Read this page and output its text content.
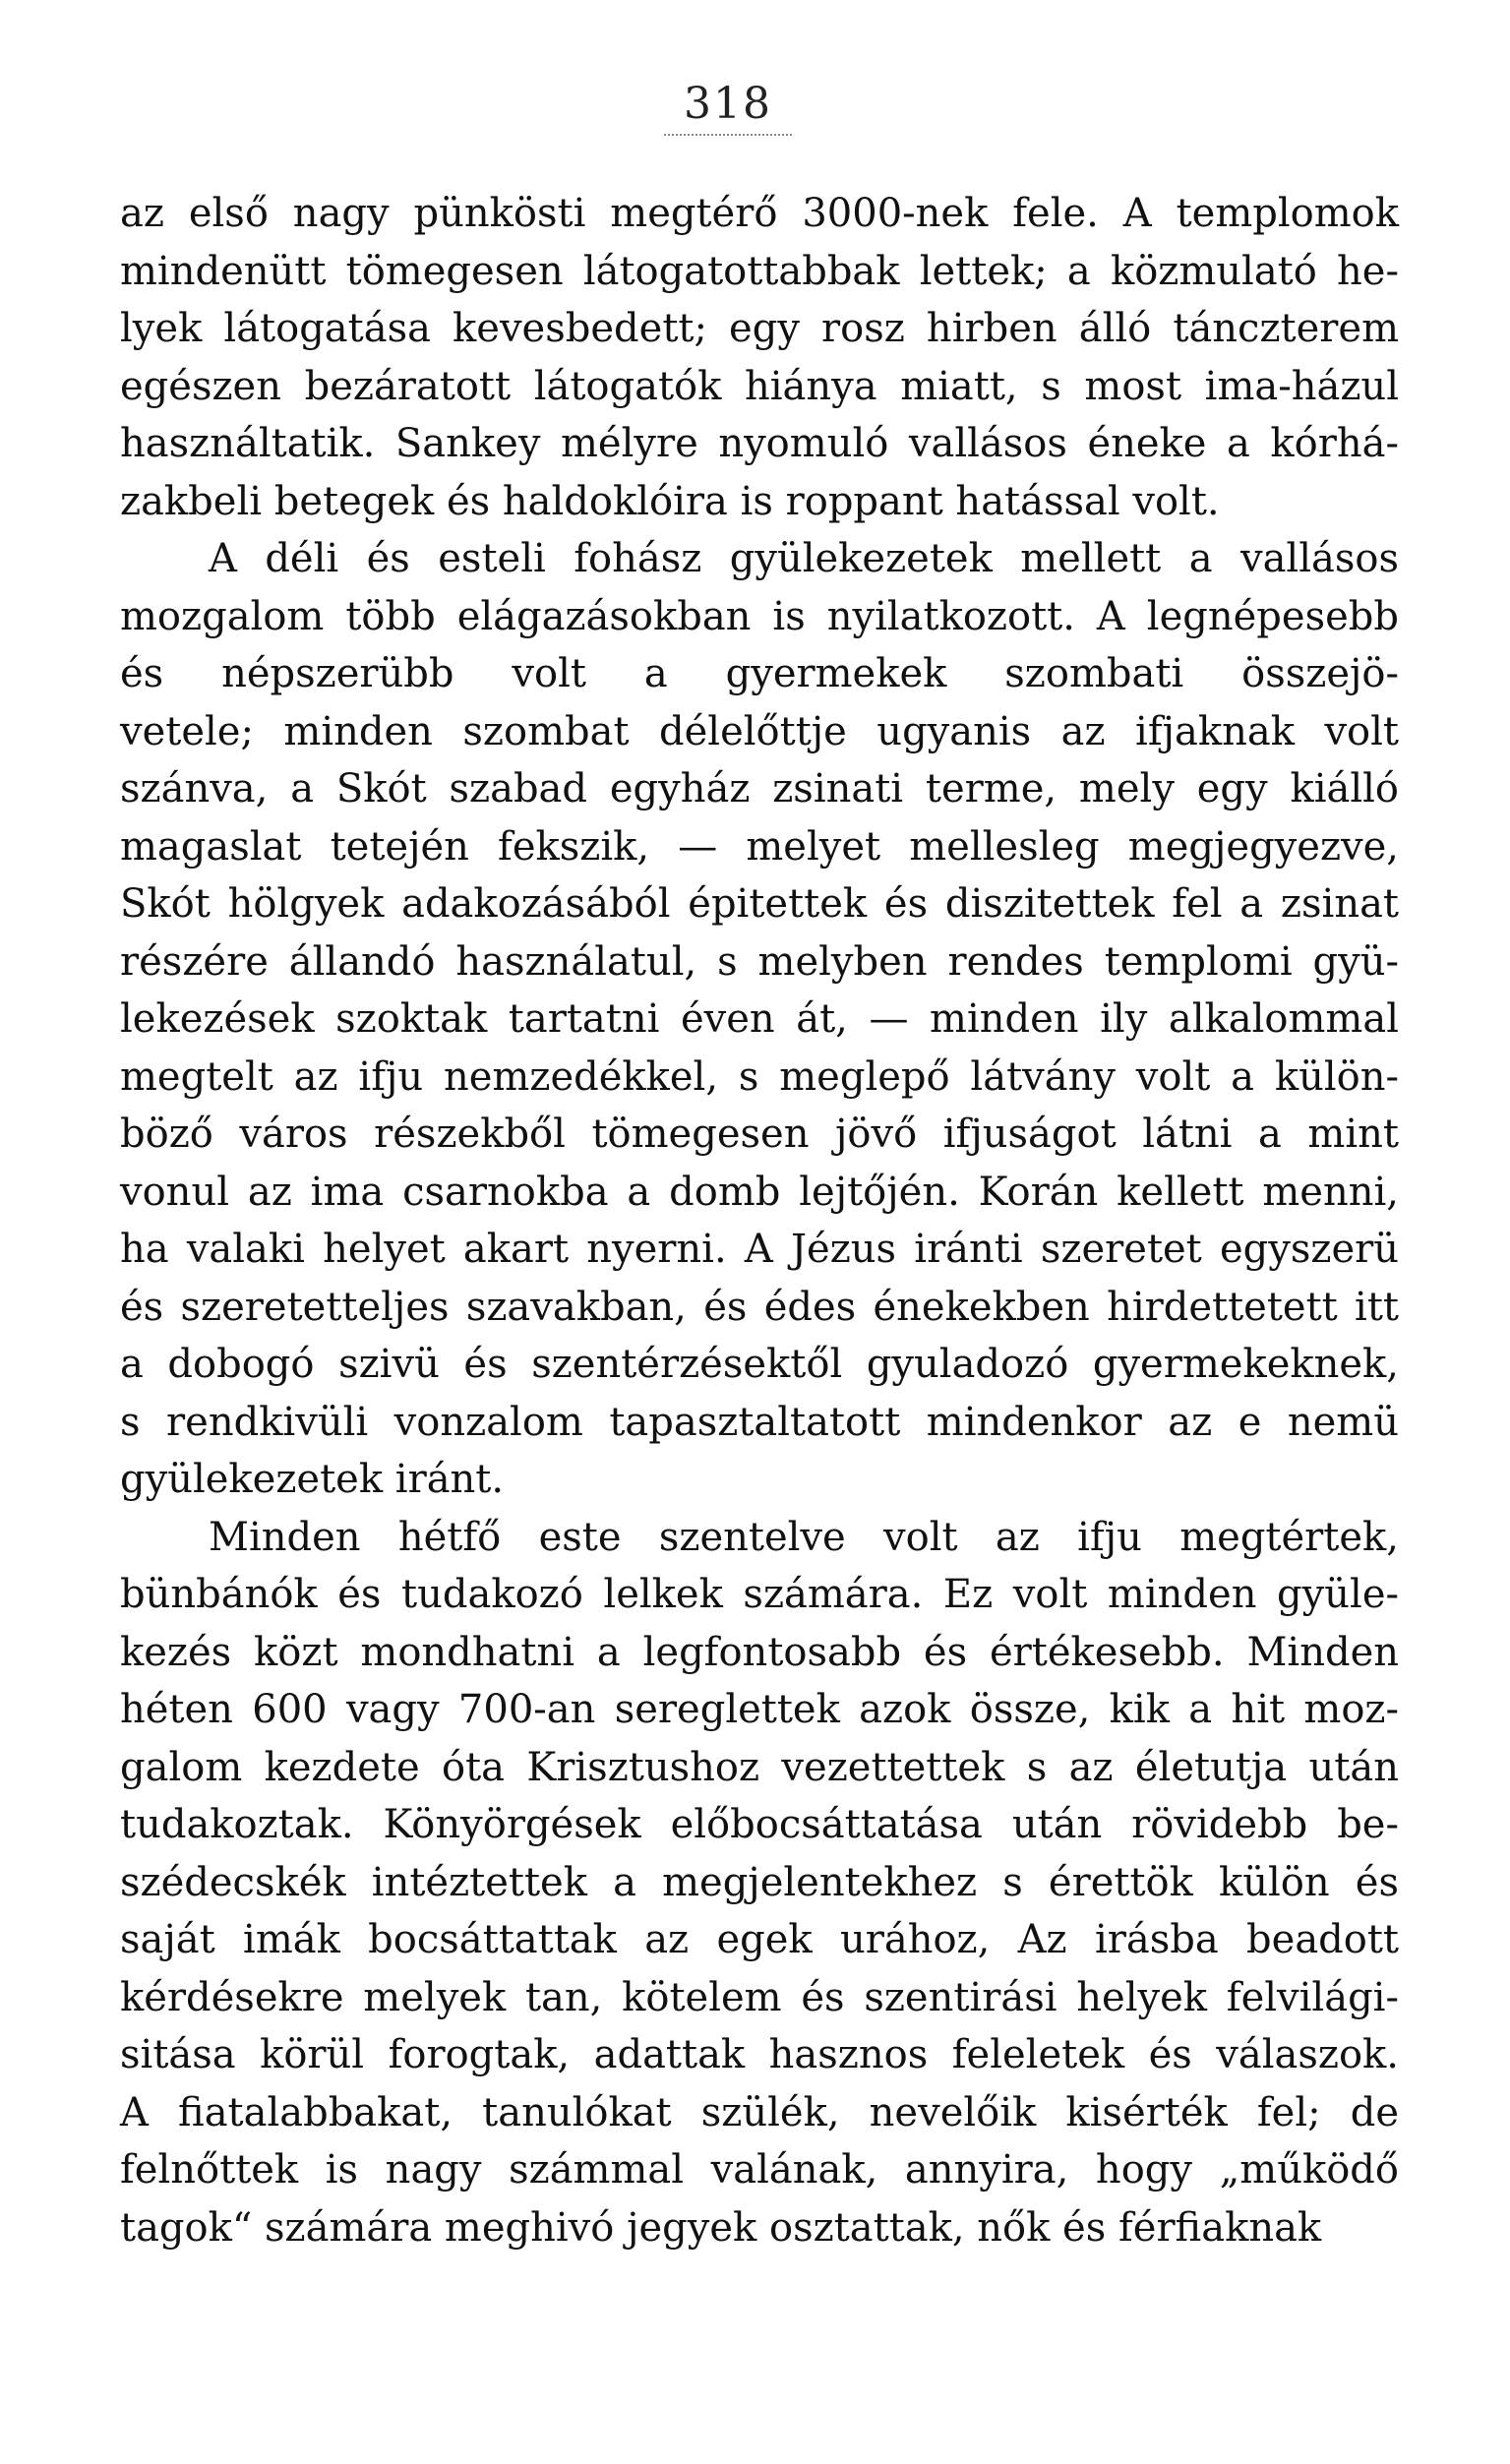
318
az első nagy pünkösti megtérő 3000-nek fele. A templomok
mindenütt tömegesen látogatottabbak lettek; a közmulató he-
lyek látogatása kevesbedett; egy rosz hirben álló tánczterem
egészen bezáratott látogatók hiánya miatt, s most ima-házul
használtatik. Sankey mélyre nyomuló vallásos éneke a kórhá-
zakbeli betegek és haldoklóira is roppant hatással volt.
A déli és esteli fohász gyülekezetek mellett a vallásos
mozgalom több elágazásokban is nyilatkozott. A legnépesebb
és népszerübb volt a gyermekek szombati összejö-
vetele; minden szombat délelőttje ugyanis az ifjaknak volt
szánva, a Skót szabad egyház zsinati terme, mely egy kiálló
magaslat tetején fekszik, — melyet mellesleg megjegyezve,
Skót hölgyek adakozásából épitettek és diszitettek fel a zsinat
részére állandó használatul, s melyben rendes templomi gyü-
lekezések szoktak tartatni éven át, — minden ily alkalommal
megtelt az ifju nemzedékkel, s meglepő látvány volt a külön-
böző város részekből tömegesen jövő ifjuságot látni a mint
vonul az ima csarnokba a domb lejtőjén. Korán kellett menni,
ha valaki helyet akart nyerni. A Jézus iránti szeretet egyszerü
és szeretetteljes szavakban, és édes énekekben hirdettetett itt
a dobogó szivü és szentérzésektől gyuladozó gyermekeknek,
s rendkivüli vonzalom tapasztaltatott mindenkor az e nemü
gyülekezetek iránt.
Minden hétfő este szentelve volt az ifju megtértek,
bünbánók és tudakozó lelkek számára. Ez volt minden gyüle-
kezés közt mondhatni a legfontosabb és értékesebb. Minden
héten 600 vagy 700-an sereglettek azok össze, kik a hit moz-
galom kezdete óta Krisztushoz vezettettek s az életutja után
tudakoztak. Könyörgések előbocsáttatása után rövidebb be-
szédecskék intéztettek a megjelentekhez s érettök külön és
saját imák bocsáttattak az egek urához, Az irásba beadott
kérdésekre melyek tan, kötelem és szentirási helyek felvilági-
sitása körül forogtak, adattak hasznos feleletek és válaszok.
A fiatalabbakat, tanulókat szülék, nevelőik kisérték fel; de
felnőttek is nagy számmal valának, annyira, hogy „működő
tagok“ számára meghivó jegyek osztattak, nők és férfiaknak
